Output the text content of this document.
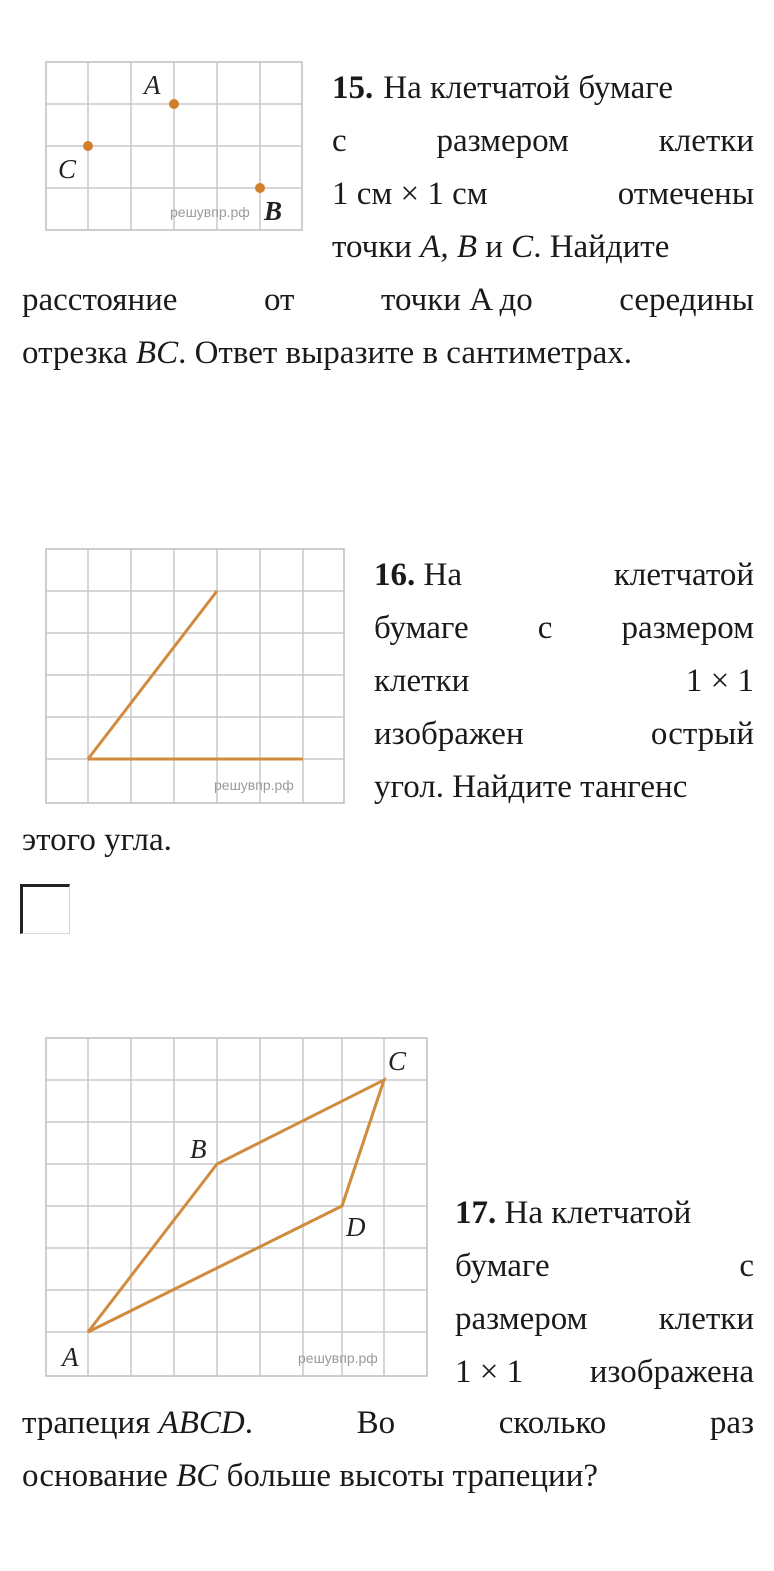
решувпр.рф
A
C
B
15. На клетчатой бумаге
с	размером	клетки
1 см × 1 см	отмечены
точки A, B и C. Найдите
расстояние	от	точки A до	середины
отрезка BC. Ответ выразите в сантиметрах.
решувпр.рф
16. На	клетчатой
бумаге с размером
клетки	1 × 1
изображен	острый
угол. Найдите тангенс
этого угла.
A
B
C
D
решувпр.рф
17. На клетчатой
бумаге	с
размером клетки
1 × 1 изображена
трапеция ABCD.	Во	сколько	раз
основание BC больше высоты трапеции?
